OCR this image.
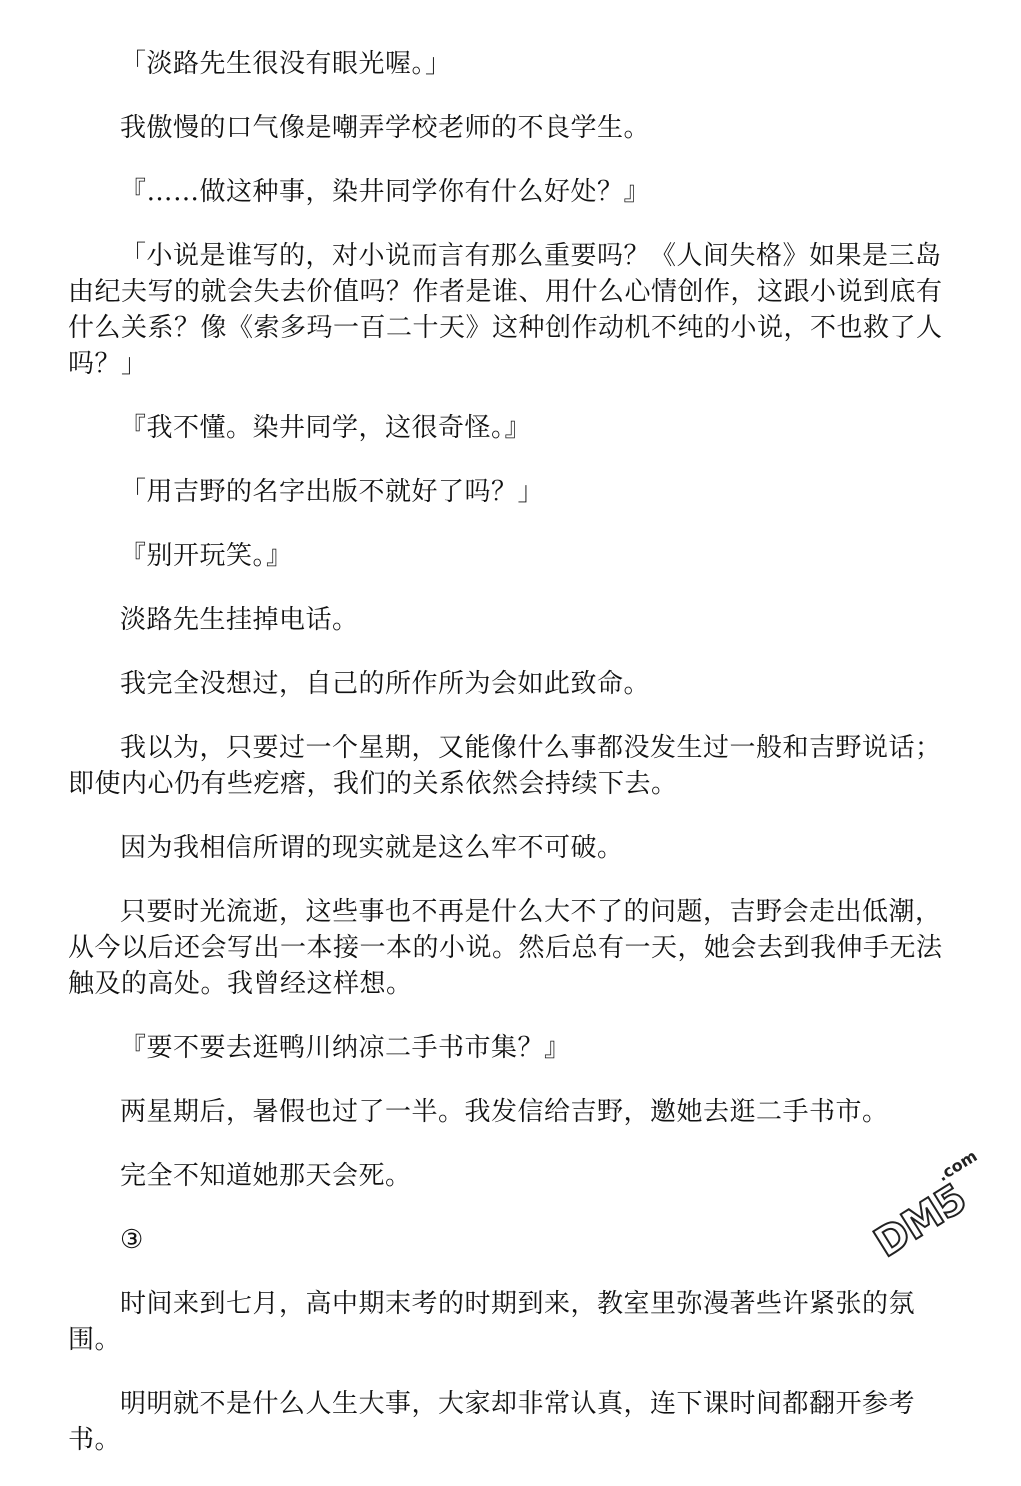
「淡路先生很没有眼光喔。」

我傲慢的口气像是嘲弄学校老师的不良学生。

『……做这种事，染井同学你有什么好处？』

「小说是谁写的，对小说而言有那么重要吗？《人间失格》如果是三岛由纪夫写的就会失去价值吗？作者是谁、用什么心情创作，这跟小说到底有什么关系？像《索多玛一百二十天》这种创作动机不纯的小说，不也救了人吗？」

『我不懂。染井同学，这很奇怪。』

「用吉野的名字出版不就好了吗？」

『别开玩笑。』

淡路先生挂掉电话。

我完全没想过，自己的所作所为会如此致命。

我以为，只要过一个星期，又能像什么事都没发生过一般和吉野说话；即使内心仍有些疙瘩，我们的关系依然会持续下去。

因为我相信所谓的现实就是这么牢不可破。

只要时光流逝，这些事也不再是什么大不了的问题，吉野会走出低潮，从今以后还会写出一本接一本的小说。然后总有一天，她会去到我伸手无法触及的高处。我曾经这样想。

『要不要去逛鸭川纳凉二手书市集？』

两星期后，暑假也过了一半。我发信给吉野，邀她去逛二手书市。

完全不知道她那天会死。

③

时间来到七月，高中期末考的时期到来，教室里弥漫著些许紧张的氛围。

明明就不是什么人生大事，大家却非常认真，连下课时间都翻开参考书。

DM5
.com
